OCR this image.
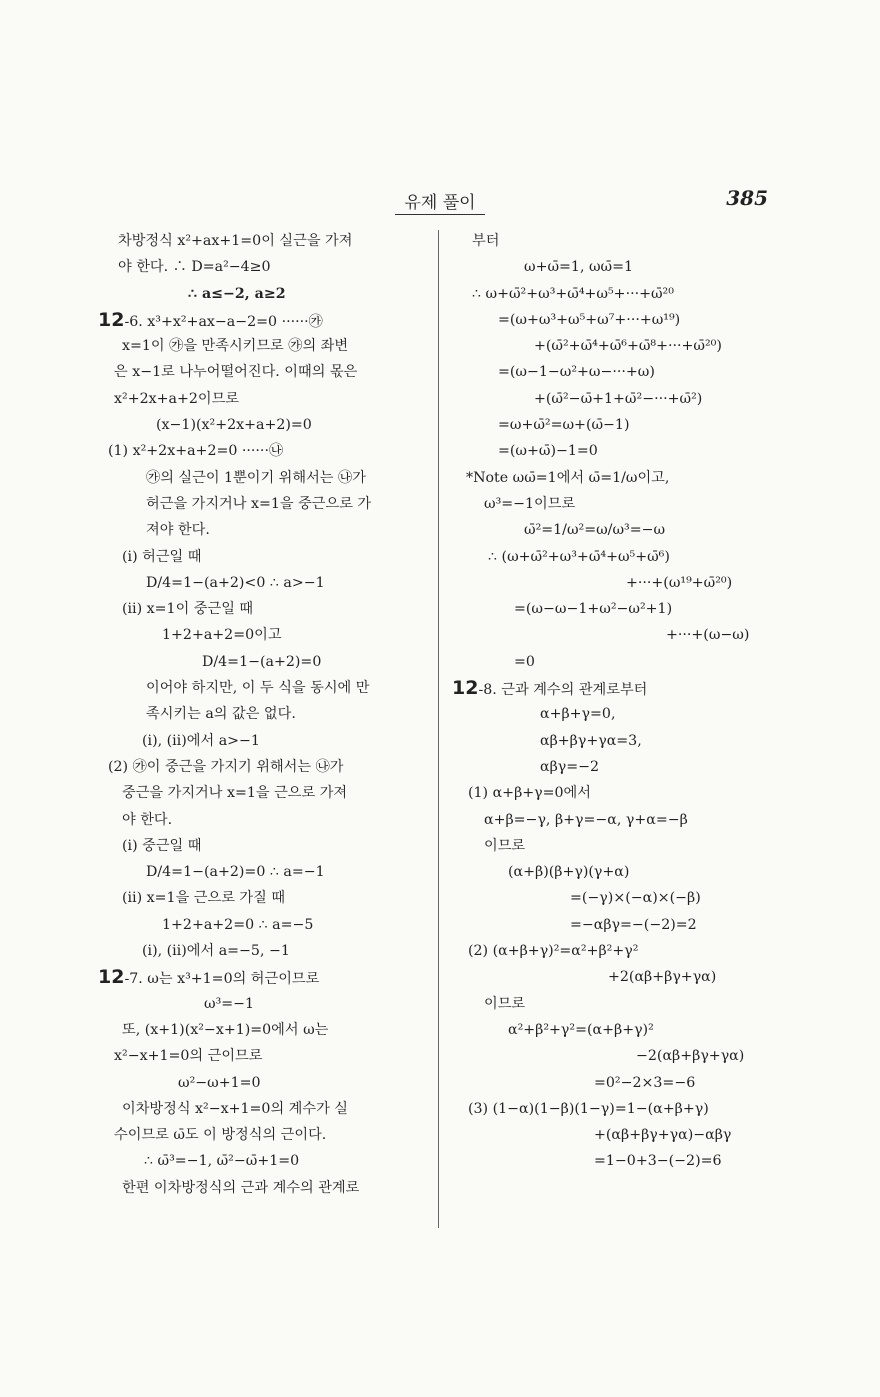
유제 풀이	385
차방정식 x²+ax+1=0이 실근을 가져
야 한다. ∴ D=a²−4≥0
∴ a≤−2, a≥2
12-6. x³+x²+ax−a−2=0 ······㉮
x=1이 ㉮을 만족시키므로 ㉮의 좌변
은 x−1로 나누어떨어진다. 이때의 몫은
x²+2x+a+2이므로
(x−1)(x²+2x+a+2)=0
(1) x²+2x+a+2=0 ······㉯
㉮의 실근이 1뿐이기 위해서는 ㉯가
허근을 가지거나 x=1을 중근으로 가
져야 한다.
(ⅰ) 허근일 때
D/4=1−(a+2)<0 ∴ a>−1
(ⅱ) x=1이 중근일 때
1+2+a+2=0이고
D/4=1−(a+2)=0
이어야 하지만, 이 두 식을 동시에 만
족시키는 a의 값은 없다.
(ⅰ), (ⅱ)에서 a>−1
(2) ㉮이 중근을 가지기 위해서는 ㉯가
중근을 가지거나 x=1을 근으로 가져
야 한다.
(ⅰ) 중근일 때
D/4=1−(a+2)=0 ∴ a=−1
(ⅱ) x=1을 근으로 가질 때
1+2+a+2=0 ∴ a=−5
(ⅰ), (ⅱ)에서 a=−5, −1
12-7. ω는 x³+1=0의 허근이므로
ω³=−1
또, (x+1)(x²−x+1)=0에서 ω는
x²−x+1=0의 근이므로
ω²−ω+1=0
이차방정식 x²−x+1=0의 계수가 실
수이므로 ω̄도 이 방정식의 근이다.
∴ ω̄³=−1, ω̄²−ω̄+1=0
한편 이차방정식의 근과 계수의 관계로
부터
ω+ω̄=1, ωω̄=1
∴ ω+ω̄²+ω³+ω̄⁴+ω⁵+···+ω̄²⁰
=(ω+ω³+ω⁵+ω⁷+···+ω¹⁹)
+(ω̄²+ω̄⁴+ω̄⁶+ω̄⁸+···+ω̄²⁰)
=(ω−1−ω²+ω−···+ω)
+(ω̄²−ω̄+1+ω̄²−···+ω̄²)
=ω+ω̄²=ω+(ω̄−1)
=(ω+ω̄)−1=0
*Note ωω̄=1에서 ω̄=1/ω이고,
ω³=−1이므로
ω̄²=1/ω²=ω/ω³=−ω
∴ (ω+ω̄²+ω³+ω̄⁴+ω⁵+ω̄⁶)
+···+(ω¹⁹+ω̄²⁰)
=(ω−ω−1+ω²−ω²+1)
+···+(ω−ω)
=0
12-8. 근과 계수의 관계로부터
α+β+γ=0,
αβ+βγ+γα=3,
αβγ=−2
(1) α+β+γ=0에서
α+β=−γ, β+γ=−α, γ+α=−β
이므로
(α+β)(β+γ)(γ+α)
=(−γ)×(−α)×(−β)
=−αβγ=−(−2)=2
(2) (α+β+γ)²=α²+β²+γ²
+2(αβ+βγ+γα)
이므로
α²+β²+γ²=(α+β+γ)²
−2(αβ+βγ+γα)
=0²−2×3=−6
(3) (1−α)(1−β)(1−γ)=1−(α+β+γ)
+(αβ+βγ+γα)−αβγ
=1−0+3−(−2)=6
